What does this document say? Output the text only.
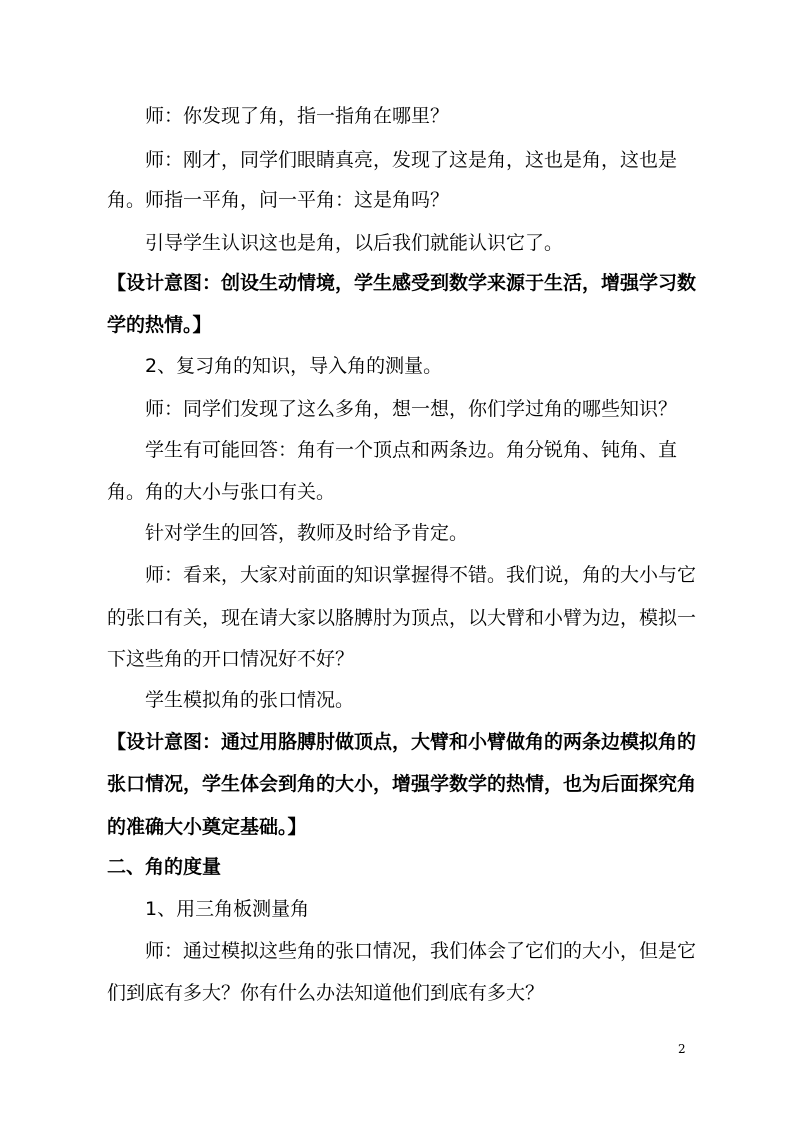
师：你发现了角，指一指角在哪里？
师：刚才，同学们眼睛真亮，发现了这是角，这也是角，这也是
角。师指一平角，问一平角：这是角吗？
引导学生认识这也是角，以后我们就能认识它了。
【设计意图：创设生动情境，学生感受到数学来源于生活，增强学习数
学的热情。】
2、复习角的知识，导入角的测量。
师：同学们发现了这么多角，想一想，你们学过角的哪些知识？
学生有可能回答：角有一个顶点和两条边。角分锐角、钝角、直
角。角的大小与张口有关。
针对学生的回答，教师及时给予肯定。
师：看来，大家对前面的知识掌握得不错。我们说，角的大小与它
的张口有关，现在请大家以胳膊肘为顶点，以大臂和小臂为边，模拟一
下这些角的开口情况好不好？
学生模拟角的张口情况。
【设计意图：通过用胳膊肘做顶点，大臂和小臂做角的两条边模拟角的
张口情况，学生体会到角的大小，增强学数学的热情，也为后面探究角
的准确大小奠定基础。】
二、角的度量
1、用三角板测量角
师：通过模拟这些角的张口情况，我们体会了它们的大小，但是它
们到底有多大？你有什么办法知道他们到底有多大？
2
